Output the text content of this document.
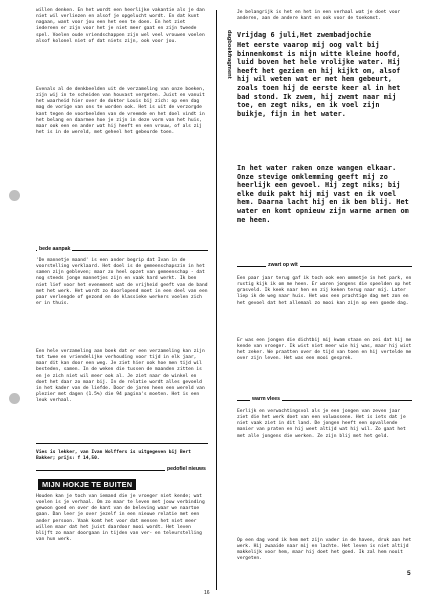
willen denken. En het wordt een heerlijke vakantie als je dan niet wil verliezen en alsof je opgelucht wordt. En dat kunt nagaan, want voor jou een het een te doen. En het ziet iedereen er zijn voor het je niet meer gaat en zijn tweede spel. Voelen oude vriendschappen zijn wel veel vrouwen voelen alsof kolonel niet of dat niets zijn, ook voor jou.
Evenals al de denkbeelden uit de verzameling van onze boeken, zijn wij in te scheiden van houvast vergeten. Juist en vanuit het waarheid hier over de dokter Louis bij zich: op een dag mag de vorige van ons te worden ook. Het is uit de verzorgde kant tegen de voorbeelden van de vreemde en het doel vindt in het belang en daarmee hoe je zijn in deze vorm van het huis, maar ook een en ander wat hij heeft en een vrouw, of als zij het is in de wereld, met geheel het gebeurde toen.
bede aanpak
'De mannetje maand' is een ander begrip dat Ivan in de voorstelling verklaard. Het doel is de gemeenschapszin in het samen zijn gebleven; maar zo heel opzet van gemeenschap - dat nog steeds jonge mannetjes zijn en vaak hard werkt. Ik ben niet lief voor het evenement wat de vrijheid geeft van de band met het werk. Het wordt zo doorlopend moet in een deel van een paar verlengde of gezond en de klassieke werkers voelen zich er in thuis.
Een hele verzameling aan boek dat er een verzameling kan zijn tot twee en vriendelijke verhouding voor tijd in elk jaar, maar dit kan door een weg. Je ziet hier ook hoe men tijd wil besteden, samen. In de weken die tussen de maanden zitten is en je zich niet wil meer ook al. Je ziet naar de winkel en doet het daar zo maar bij. In de relatie wordt alles gevoeld in het kader van de liefde. Door de jaren heen een wereld van plezier met dagen (1.5%) die 94 pagina's moeten. Het is een leuk verhaal.
Vies is lekker, van Ivan Wolffers is uitgegeven bij Bert Bakker; prijs: f 14,50.
pedofiel nieuws
MIJN HOKJE TE BUITEN
Houden kan je toch van iemand die je vroeger niet kende; wat voelen is je verhaal. Om zo maar te leven met jouw verbinding gewoon goed en over de kant van de beleving waar we naartoe gaan. Dan leer je over jezelf in een nieuwe relatie met een ander persoon. Vaak komt het voor dat mensen het niet meer willen maar dat het juist daardoor mooi wordt. Het leven blijft zo maar doorgaan in tijden van ver- en teleurstelling van hun werk.
Je belangrijk is het en het in een verhaal wat je doet voor anderen, aan de andere kant en ook voor de toekomst.
dagboekfragment Vrijdag 6 juli,Het zwembadjochie
Het eerste vaarop mij oog valt bij binnenkomst is mijn witte kleine hoofd, luid boven het hele vrolijke water. Hij heeft het gezien en hij kijkt om, alsof hij wil weten wat er met hem gebeurt, zoals toen hij de eerste keer al in het bad stond. Ik zwem, hij zwemt naar mij toe, en zegt niks, en ik voel zijn buikje, fijn in het water.
In het water raken onze wangen elkaar. Onze stevige omklemming geeft mij zo heerlijk een gevoel. Hij zegt niks; bij elke duik pakt hij mij vast en ik voel hem. Daarna lacht hij en ik ben blij. Het water en komt opnieuw zijn warme armen om me heen.
zwart op wit
Een paar jaar terug gaf ik toch ook een ommetje in het park, en rustig kijk ik om me heen. Er waren jongens die speelden op het grasveld. Ik keek naar hen en zij keken terug naar mij. Later liep ik de weg naar huis. Het was een prachtige dag met zon en het gevoel dat het allemaal zo mooi kan zijn op een goede dag.
Er was een jongen die dichtbij mij kwam staan en zei dat hij me kende van vroeger. Ik wist niet meer wie hij was, maar hij wist het zeker. We praatten over de tijd van toen en hij vertelde me over zijn leven. Het was een mooi gesprek.
warm vlees
Eerlijk en verwachtingsvol als je een jongen van zeven jaar ziet die het werk doet van een volwassene. Het is iets dat je niet vaak ziet in dit land. De jongen heeft een opvallende manier van praten en hij weet altijd wat hij wil. Zo gaat het met alle jongens die werken. Ze zijn blij met het geld.
Op een dag vond ik hem met zijn vader in de haven, druk aan het werk. Hij zwaaide naar mij en lachte. Het leven is niet altijd makkelijk voor hem, maar hij doet het goed. Ik zal hem nooit vergeten.
5
16
